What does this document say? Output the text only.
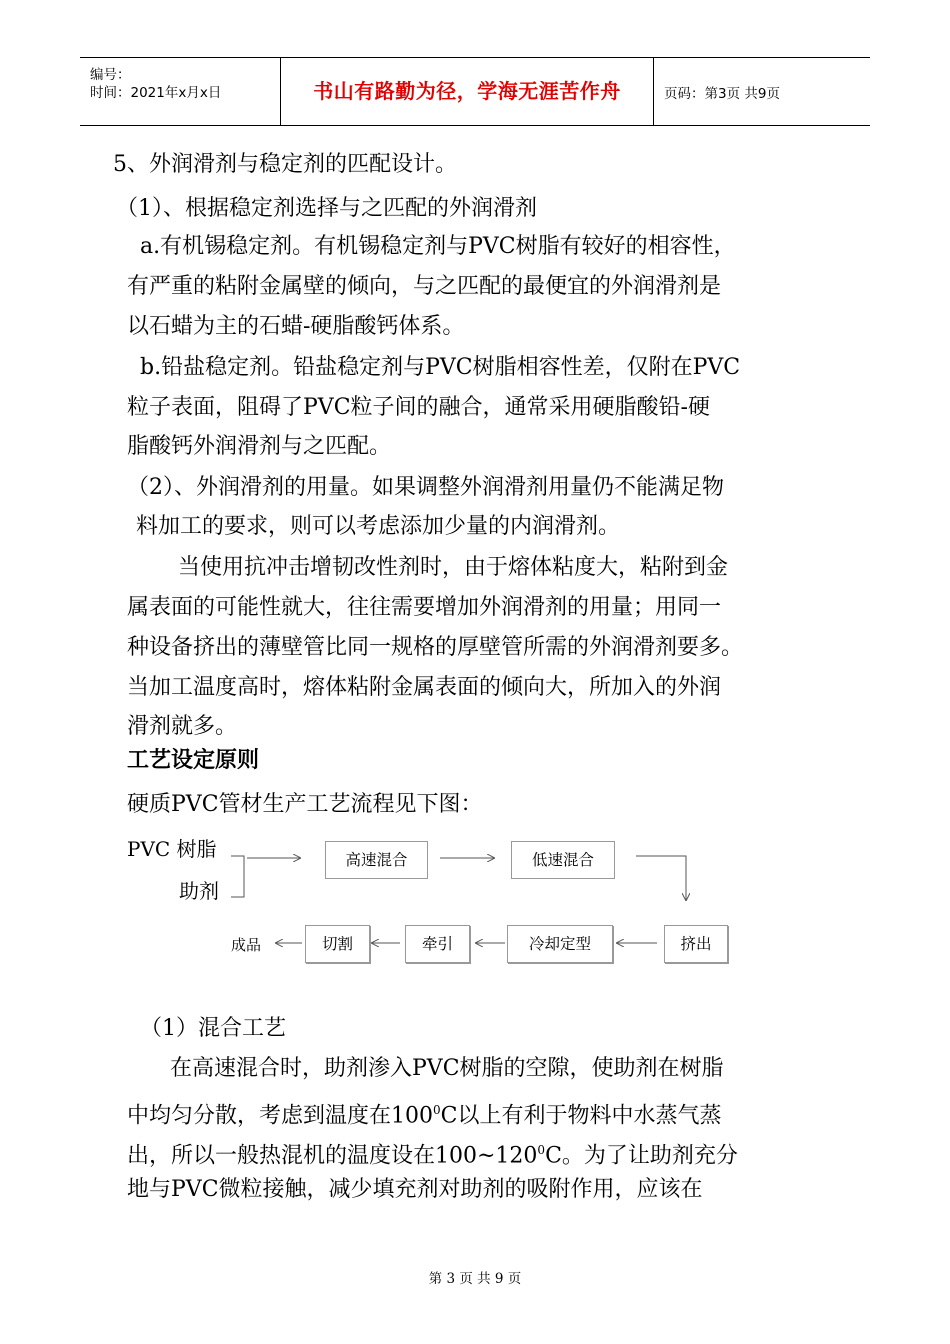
编号：
时间：2021年x月x日	书山有路勤为径，学海无涯苦作舟	页码：第3页 共9页
5、外润滑剂与稳定剂的匹配设计。
（1）、根据稳定剂选择与之匹配的外润滑剂
a.有机锡稳定剂。有机锡稳定剂与PVC树脂有较好的相容性，
有严重的粘附金属壁的倾向，与之匹配的最便宜的外润滑剂是
以石蜡为主的石蜡-硬脂酸钙体系。
b.铅盐稳定剂。铅盐稳定剂与PVC树脂相容性差，仅附在PVC
粒子表面，阻碍了PVC粒子间的融合，通常采用硬脂酸铅-硬
脂酸钙外润滑剂与之匹配。
（2）、外润滑剂的用量。如果调整外润滑剂用量仍不能满足物
料加工的要求，则可以考虑添加少量的内润滑剂。
当使用抗冲击增韧改性剂时，由于熔体粘度大，粘附到金
属表面的可能性就大，往往需要增加外润滑剂的用量；用同一
种设备挤出的薄壁管比同一规格的厚壁管所需的外润滑剂要多。
当加工温度高时，熔体粘附金属表面的倾向大，所加入的外润
滑剂就多。
工艺设定原则
硬质PVC管材生产工艺流程见下图：
PVC 树脂
助剂
高速混合	低速混合
挤出
冷却定型
牵引
切割
成品
（1）混合工艺
在高速混合时，助剂渗入PVC树脂的空隙，使助剂在树脂
中均匀分散，考虑到温度在$100^0C$以上有利于物料中水蒸气蒸
出，所以一般热混机的温度设在$100\sim 120^0C$。为了让助剂充分
地与PVC微粒接触，减少填充剂对助剂的吸附作用，应该在
第 3 页 共 9 页
